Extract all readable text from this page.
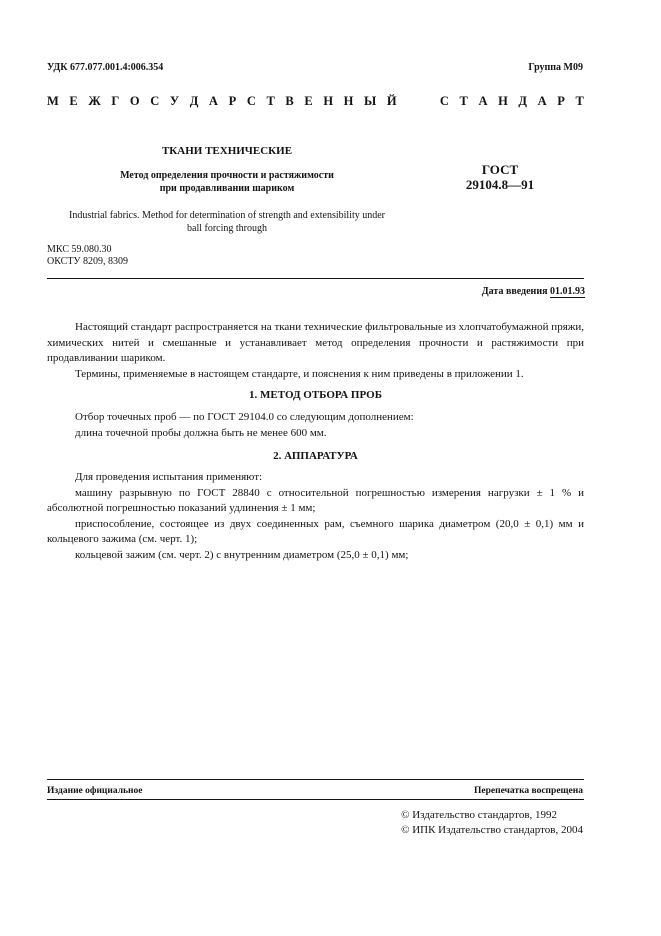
УДК 677.077.001.4:006.354	Группа М09
М Е Ж Г О С У Д А Р С Т В Е Н Н Ы Й	С Т А Н Д А Р Т
ТКАНИ ТЕХНИЧЕСКИЕ
Метод определения прочности и растяжимости
при продавливании шариком
ГОСТ
29104.8—91
Industrial fabrics. Method for determination of strength and extensibility under
ball forcing through
МКС 59.080.30
ОКСТУ 8209, 8309
Дата введения 01.01.93

Настоящий стандарт распространяется на ткани технические фильтровальные из хлопчатобумажной пряжи, химических нитей и смешанные и устанавливает метод определения прочности и растяжимости при продавливании шариком.

Термины, применяемые в настоящем стандарте, и пояснения к ним приведены в приложении 1.

1. МЕТОД ОТБОРА ПРОБ

Отбор точечных проб — по ГОСТ 29104.0 со следующим дополнением:

длина точечной пробы должна быть не менее 600 мм.

2. АППАРАТУРА

Для проведения испытания применяют:

машину разрывную по ГОСТ 28840 с относительной погрешностью измерения нагрузки ± 1 % и абсолютной погрешностью показаний удлинения ± 1 мм;

приспособление, состоящее из двух соединенных рам, съемного шарика диаметром (20,0 ± 0,1) мм и кольцевого зажима (см. черт. 1);

кольцевой зажим (см. черт. 2) с внутренним диаметром (25,0 ± 0,1) мм;

Издание официальное	Перепечатка воспрещена
© Издательство стандартов, 1992
© ИПК Издательство стандартов, 2004
